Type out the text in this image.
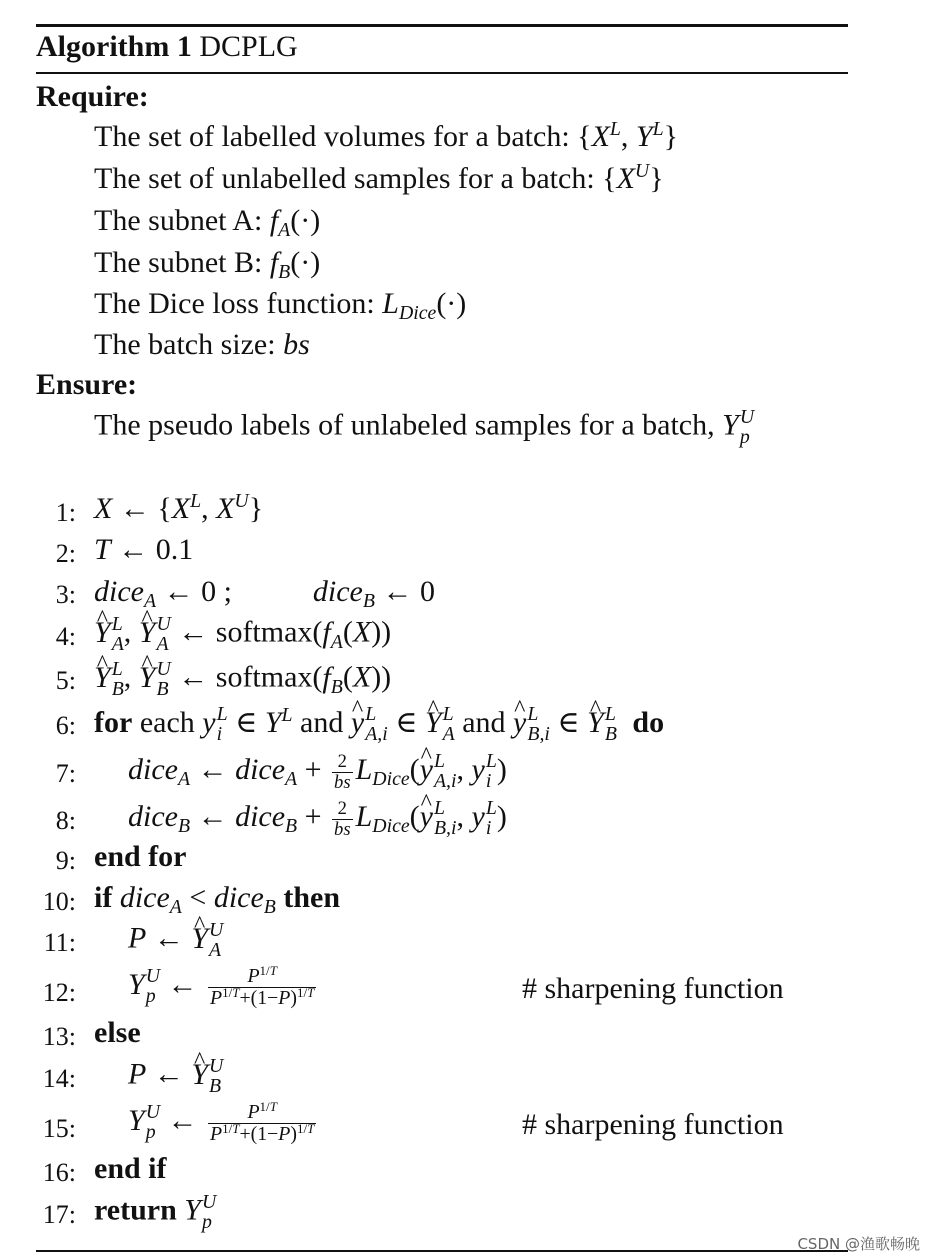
Algorithm 1 DCPLG
Require:
The set of labelled volumes for a batch: {$X^L$, $Y^L$}
The set of unlabelled samples for a batch: $\{X^U\}$
The subnet A: $f_A(\cdot)$
The subnet B: $f_B(\cdot)$
The Dice loss function: $L_{Dice}(\cdot)$
The batch size: bs
Ensure:
The pseudo labels of unlabeled samples for a batch, Y U
p
1:
2:
3:
4:
5:
6:
7:
8:
9:
10:
11:
12:
13:
14:
15:
16:
17:
X ← {$X^L$, $X^U$}
T ← 0.1
dice$_A$ ← 0 ;  dice$_B$ ← 0
^ Y L
A , ^ Y U
A ← $softmax(f_A(X))$
^ Y L
B , ^ Y U
B ← $softmax(f_B(X))$
for each y L
i ∈ $Y^L$ and ^ y L
A,i ∈ ^ Y L
A and ^ y L
B,i ∈ ^ Y L
B do
dice$_A$ ← dice$_A$ + $\frac{2}{bs}$ $L_{Dice}(\^{}$ y L
A,i , y L
i )
dice$_B$ ← dice$_B$ + $\frac{2}{bs}$ $L_{Dice}(\^{}$ y L
B,i , y L
i )
end for
if dice$_A$ < dice$_B$ then
P ← ^ Y U
A
Y U
p ← $\frac{P^{1/T}}{P^{1/T}+(1-P)^{1/T}}$	# sharpening function
else
P ← ^ Y U
B
Y U
p ← $\frac{P^{1/T}}{P^{1/T}+(1-P)^{1/T}}$	# sharpening function
end if
return Y U
p
CSDN @渔歌畅晚
